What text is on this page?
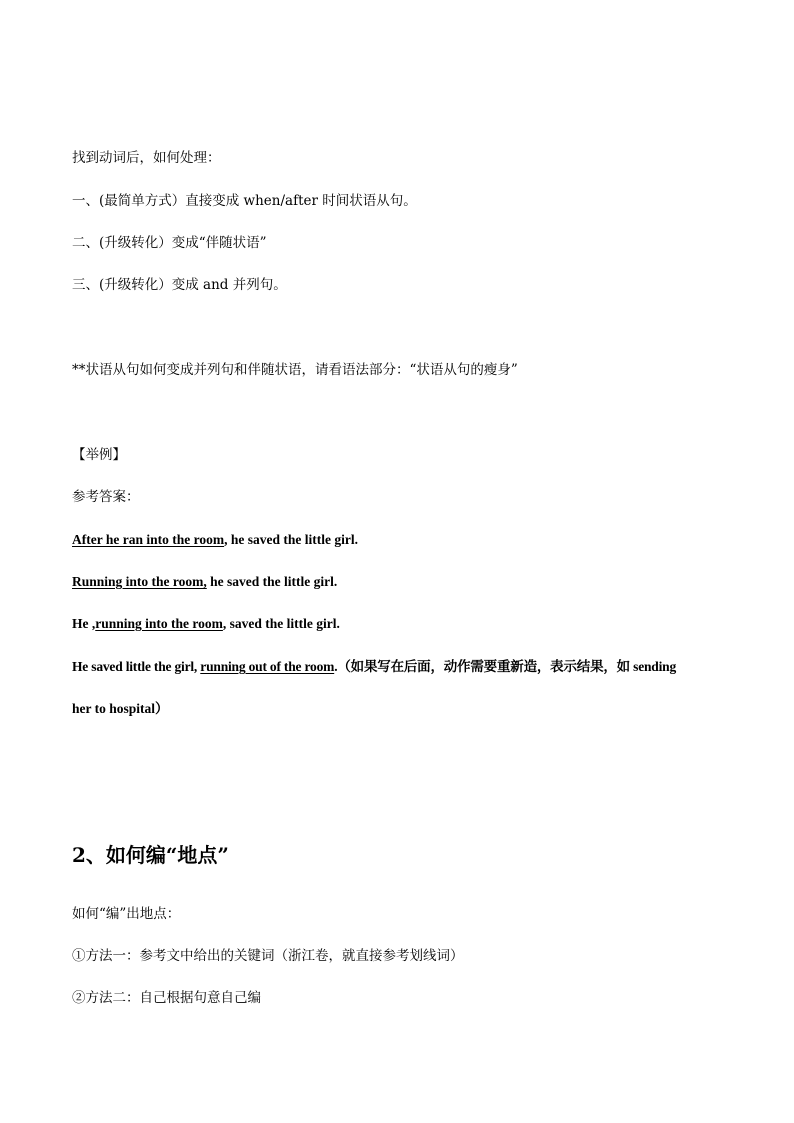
找到动词后，如何处理：
一、(最简单方式）直接变成 when/after 时间状语从句。
二、(升级转化）变成“伴随状语”
三、(升级转化）变成 and 并列句。
**状语从句如何变成并列句和伴随状语，请看语法部分：“状语从句的瘦身”
【举例】
参考答案：
After he ran into the room, he saved the little girl.
Running into the room, he saved the little girl.
He ,running into the room, saved the little girl.
He saved little the girl, running out of the room.（如果写在后面，动作需要重新造，表示结果，如 sending
her to hospital）
2、如何编“地点”
如何“编”出地点：
①方法一：参考文中给出的关键词（浙江卷，就直接参考划线词）
②方法二：自己根据句意自己编
